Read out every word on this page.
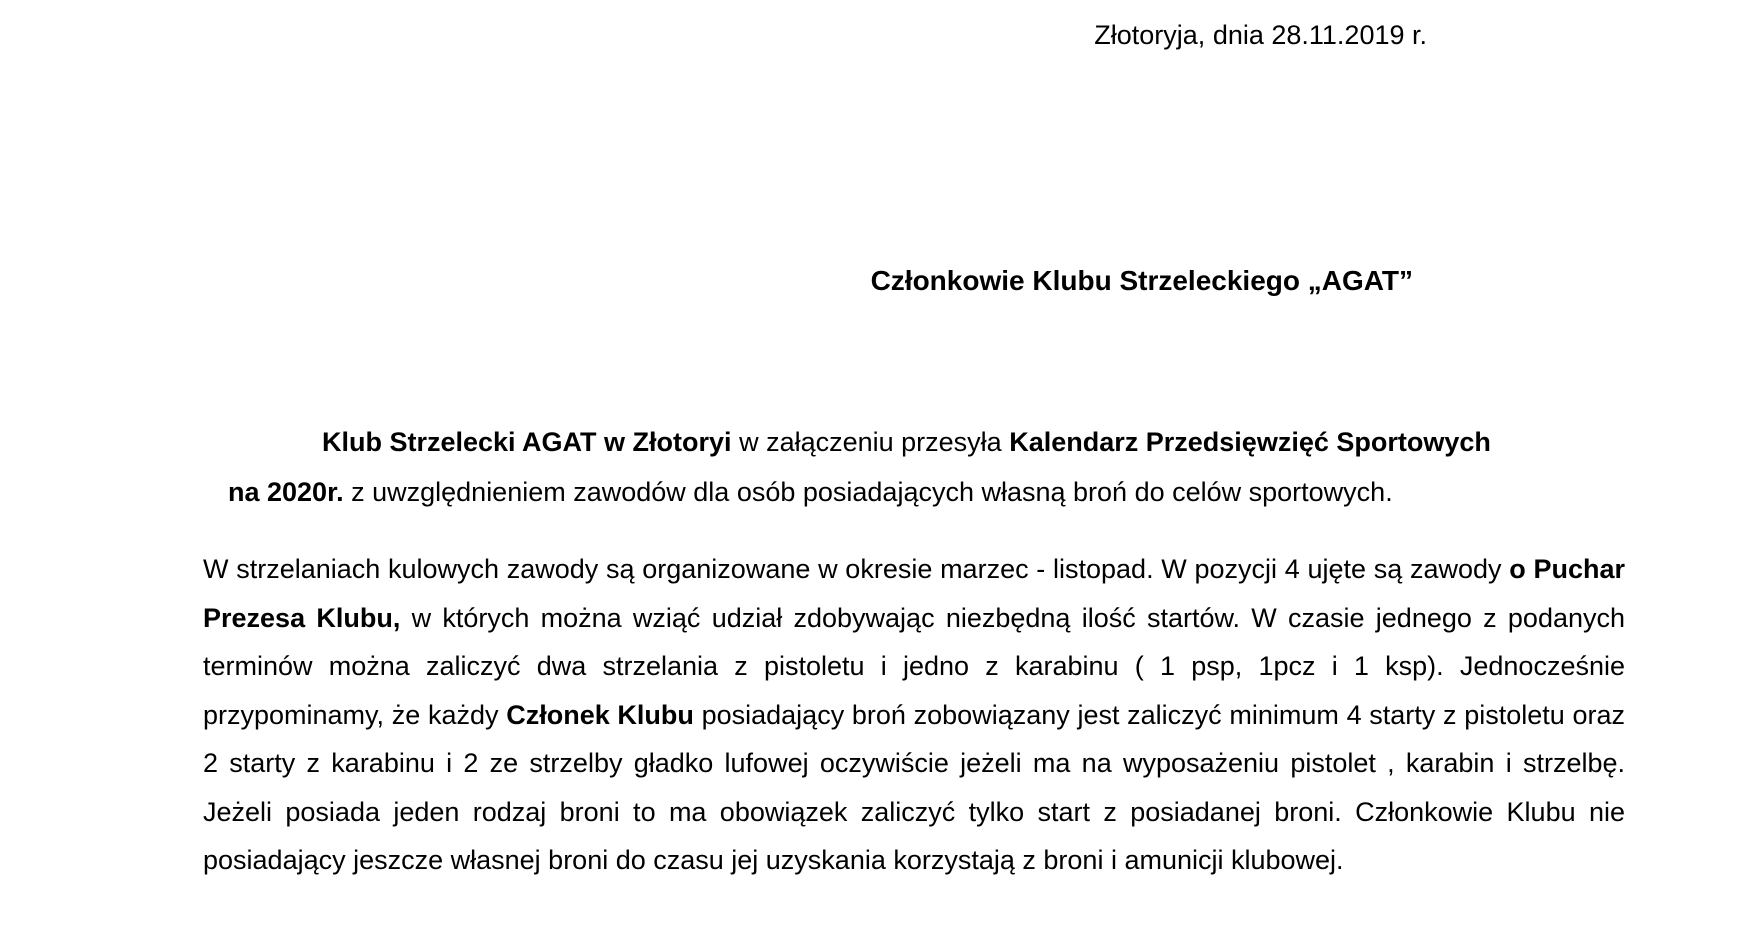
Złotoryja, dnia 28.11.2019 r.
Członkowie Klubu Strzeleckiego „AGAT”
Klub Strzelecki AGAT w Złotoryi w załączeniu przesyła Kalendarz Przedsięwzięć Sportowych
na 2020r. z uwzględnieniem zawodów dla osób posiadających własną broń do celów sportowych.
W strzelaniach kulowych zawody są organizowane w okresie marzec - listopad. W pozycji 4 ujęte są zawody o Puchar Prezesa Klubu, w których można wziąć udział zdobywając niezbędną ilość startów. W czasie jednego z podanych terminów można zaliczyć dwa strzelania z pistoletu i jedno z karabinu ( 1 psp, 1pcz i 1 ksp). Jednocześnie przypominamy, że każdy Członek Klubu posiadający broń zobowiązany jest zaliczyć minimum 4 starty z pistoletu oraz 2 starty z karabinu i 2 ze strzelby gładko lufowej oczywiście jeżeli ma na wyposażeniu pistolet , karabin i strzelbę. Jeżeli posiada jeden rodzaj broni to ma obowiązek zaliczyć tylko start z posiadanej broni. Członkowie Klubu nie posiadający jeszcze własnej broni do czasu jej uzyskania korzystają z broni i amunicji klubowej.
